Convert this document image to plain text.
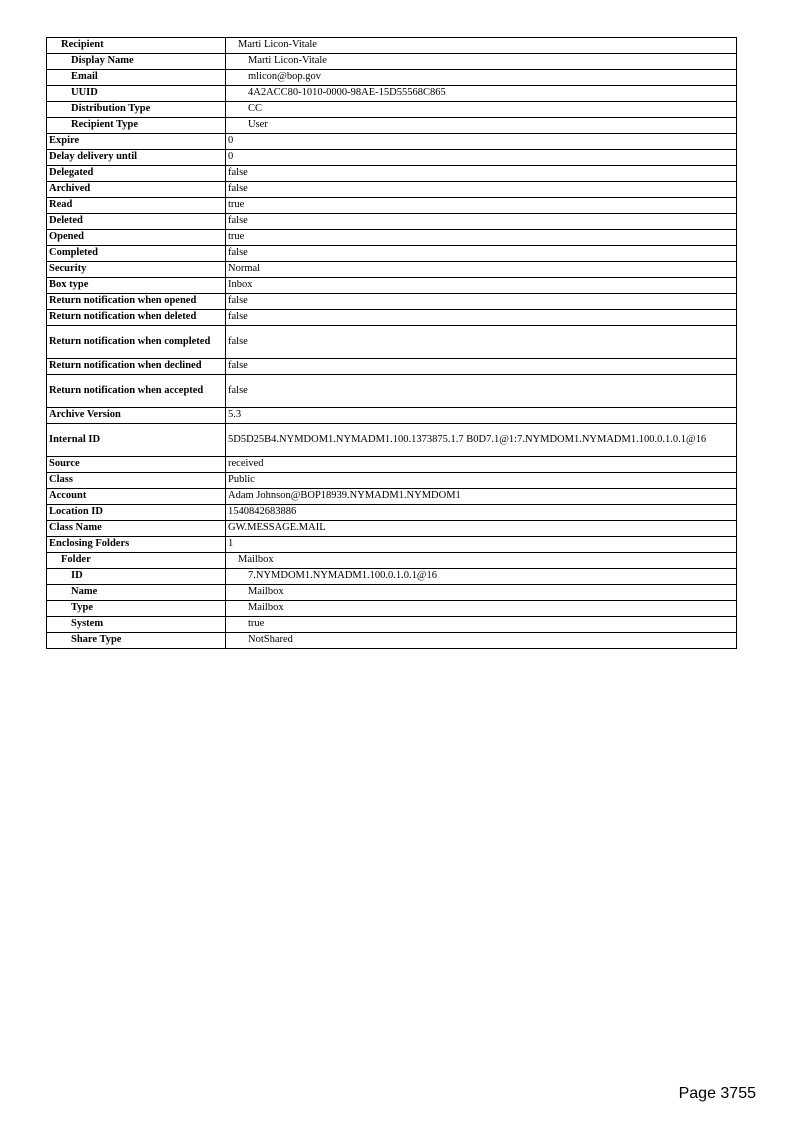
Recipient	Marti Licon-Vitale
Display Name	Marti Licon-Vitale
Email	mlicon@bop.gov
UUID	4A2ACC80-1010-0000-98AE-15D55568C865
Distribution Type	CC
Recipient Type	User
Expire	0
Delay delivery until	0
Delegated	false
Archived	false
Read	true
Deleted	false
Opened	true
Completed	false
Security	Normal
Box type	Inbox
Return notification when opened	false
Return notification when deleted	false
Return notification when completed	false
Return notification when declined	false
Return notification when accepted	false
Archive Version	5.3
Internal ID	5D5D25B4.NYMDOM1.NYMADM1.100.1373875.1.7 B0D7.1@1:7.NYMDOM1.NYMADM1.100.0.1.0.1@16
Source	received
Class	Public
Account	Adam Johnson@BOP18939.NYMADM1.NYMDOM1
Location ID	1540842683886
Class Name	GW.MESSAGE.MAIL
Enclosing Folders	1
Folder	Mailbox
ID	7.NYMDOM1.NYMADM1.100.0.1.0.1@16
Name	Mailbox
Type	Mailbox
System	true
Share Type	NotShared
Page 3755
